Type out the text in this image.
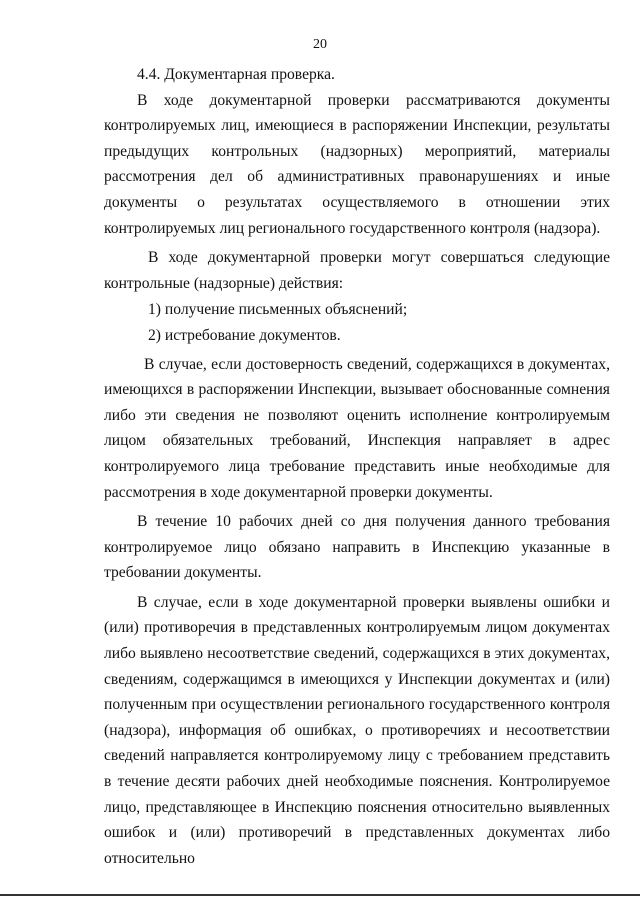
20

4.4. Документарная проверка.

В ходе документарной проверки рассматриваются документы контролируемых лиц, имеющиеся в распоряжении Инспекции, результаты предыдущих контрольных (надзорных) мероприятий, материалы рассмотрения дел об административных правонарушениях и иные документы о результатах осуществляемого в отношении этих контролируемых лиц регионального государственного контроля (надзора).

В ходе документарной проверки могут совершаться следующие контрольные (надзорные) действия:

1) получение письменных объяснений;

2) истребование документов.

В случае, если достоверность сведений, содержащихся в документах, имеющихся в распоряжении Инспекции, вызывает обоснованные сомнения либо эти сведения не позволяют оценить исполнение контролируемым лицом обязательных требований, Инспекция направляет в адрес контролируемого лица требование представить иные необходимые для рассмотрения в ходе документарной проверки документы.

В течение 10 рабочих дней со дня получения данного требования контролируемое лицо обязано направить в Инспекцию указанные в требовании документы.

В случае, если в ходе документарной проверки выявлены ошибки и (или) противоречия в представленных контролируемым лицом документах либо выявлено несоответствие сведений, содержащихся в этих документах, сведениям, содержащимся в имеющихся у Инспекции документах и (или) полученным при осуществлении регионального государственного контроля (надзора), информация об ошибках, о противоречиях и несоответствии сведений направляется контролируемому лицу с требованием представить в течение десяти рабочих дней необходимые пояснения. Контролируемое лицо, представляющее в Инспекцию пояснения относительно выявленных ошибок и (или) противоречий в представленных документах либо относительно
